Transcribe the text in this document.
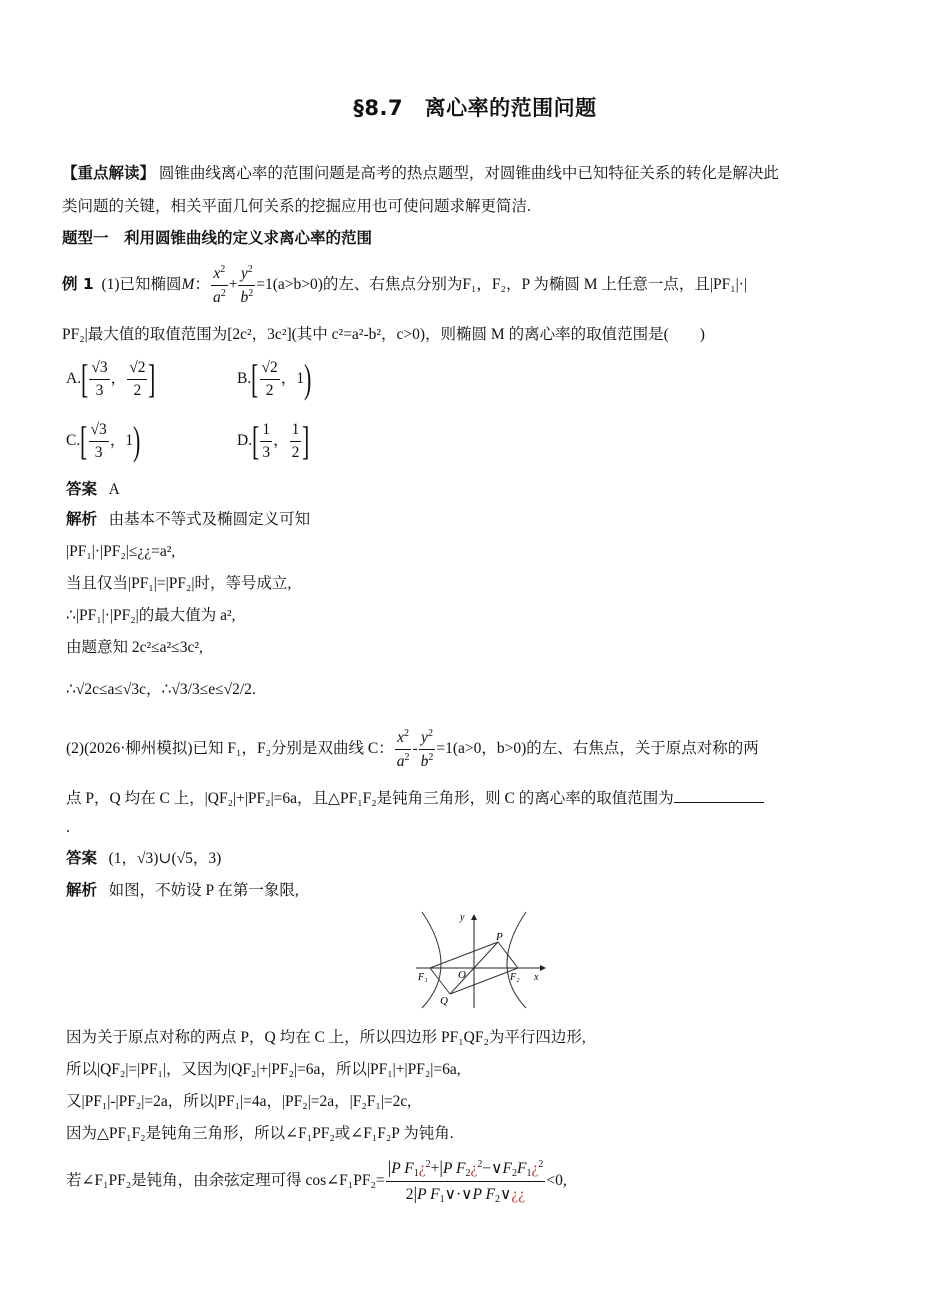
§8.7　离心率的范围问题
【重点解读】 圆锥曲线离心率的范围问题是高考的热点题型，对圆锥曲线中已知特征关系的转化是解决此
类问题的关键，相关平面几何关系的挖掘应用也可使问题求解更简洁.
题型一　利用圆锥曲线的定义求离心率的范围
例 1
(1)已知椭圆 M ： $\frac{x^2}{a^2} + \frac{y^2}{b^2} =1$( a>b>0)的左、右焦点分别为 F₁，F₂，P 为椭圆 M 上任意一点，且|PF₁|·|
PF₂|最大值的取值范围为[2c²，3c²](其中 c²=a²-b²，c>0)，则椭圆 M 的离心率的取值范围是(　　)
A. [ $\frac{√3}{3}$ ， $\frac{√2}{2}$ ]	B. [ $\frac{√2}{2}$ ， 1 )
C. [ $\frac{√3}{3}$ ， 1 )	D. [ $\frac{1}{3}$ ， $\frac{1}{2}$ ]
答案 A
解析 由基本不等式及椭圆定义可知
|PF₁|·|PF₂|≤¿¿=a²,
当且仅当|PF₁|=|PF₂|时，等号成立,
∴|PF₁|·|PF₂|的最大值为 a²,
由题意知 2c²≤a²≤3c²,
∴√2c≤a≤√3c，∴√3/3≤e≤√2/2.
(2)(2026·柳州模拟)已知 F₁，F₂分别是双曲线 C： $\frac{x^2}{a^2} - \frac{y^2}{b^2} =1(a>0$，b>0)的左、右焦点，关于原点对称的两
点 P，Q 均在 C 上，|QF₂|+|PF₂|=6a，且△PF₁F₂是钝角三角形，则 C 的离心率的取值范围为
.
答案 (1，√3)∪(√5，3)
解析 如图，不妨设 P 在第一象限,
y
x
P
O
F₁	F₂
Q
因为关于原点对称的两点 P，Q 均在 C 上，所以四边形 PF₁QF₂为平行四边形,
所以|QF₂|=|PF₁|，又因为|QF₂|+|PF₂|=6a，所以|PF₁|+|PF₂|=6a,
又|PF₁|-|PF₂|=2a，所以|PF₁|=4a，|PF₂|=2a，|F₂F₁|=2c,
因为△PF₁F₂是钝角三角形，所以∠F₁PF₂或∠F₁F₂P 为钝角.
若∠F₁PF₂是钝角，由余弦定理可得 cos∠F₁PF₂= $\frac{|P F_1¿^2+|P F_2¿^2-\vee F_2F_1¿^2}{2|P F_1\vee\cdot\vee P F_2\vee¿¿} <0$,
